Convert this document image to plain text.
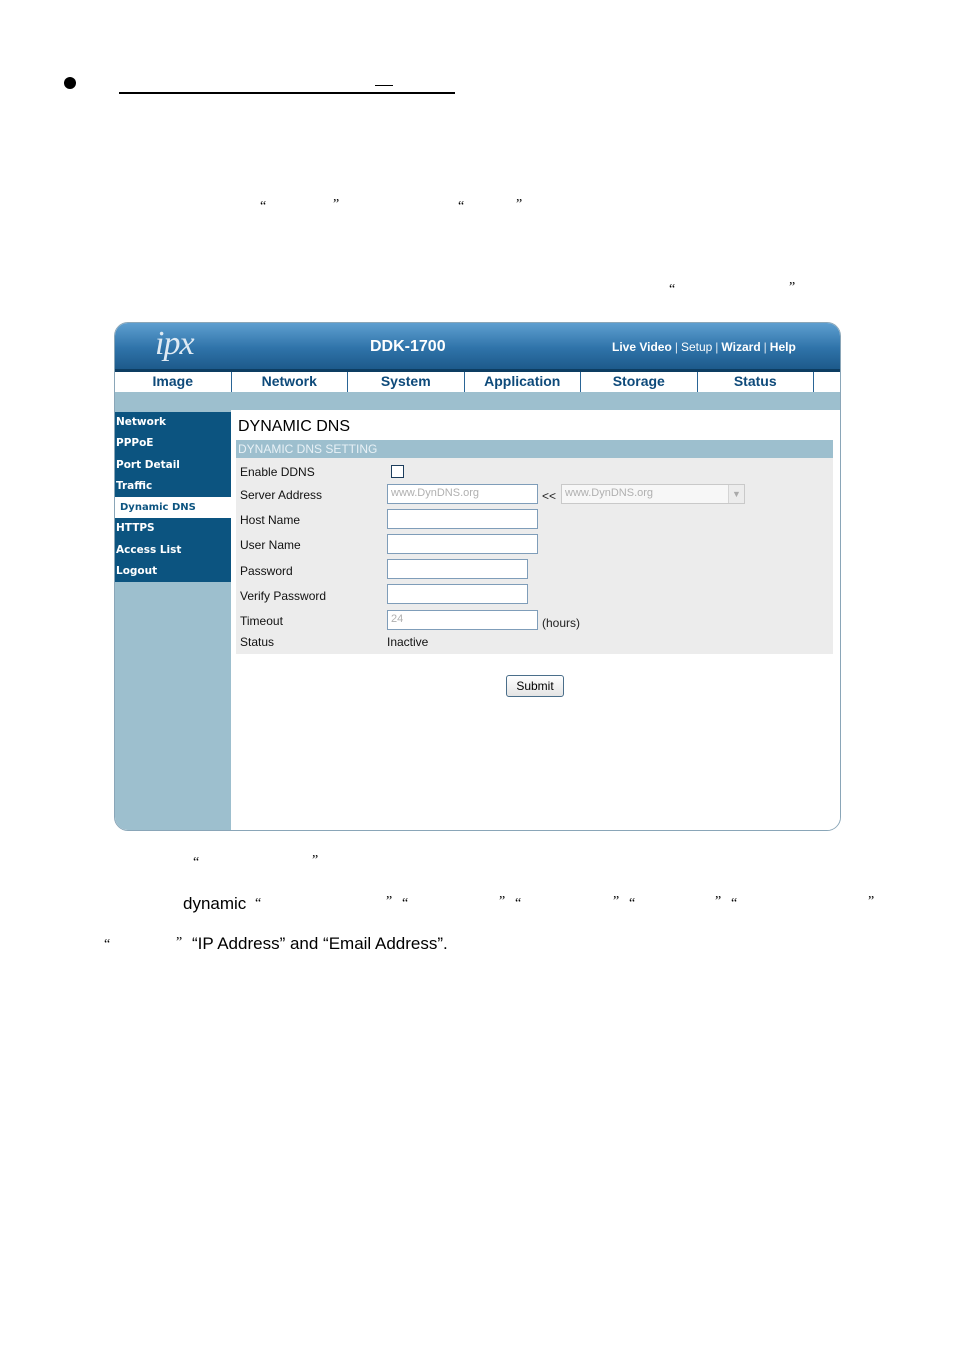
“	”	“	”
“	”
“	”
dynamic “	” “	” “	” “	” “	”
“	” “IP Address” and “Email Address”.
ipx	DDK-1700	Live Video | Setup | Wizard | Help
Image	Network	System	Application	Storage	Status
Network
PPPoE
Port Detail
Traffic
Dynamic DNS
HTTPS
Access List
Logout
DYNAMIC DNS
DYNAMIC DNS SETTING
Enable DDNS
Server Address	www.DynDNS.org	<< www.DynDNS.org	▼
Host Name
User Name
Password
Verify Password
Timeout	24	(hours)
Status	Inactive
Submit
